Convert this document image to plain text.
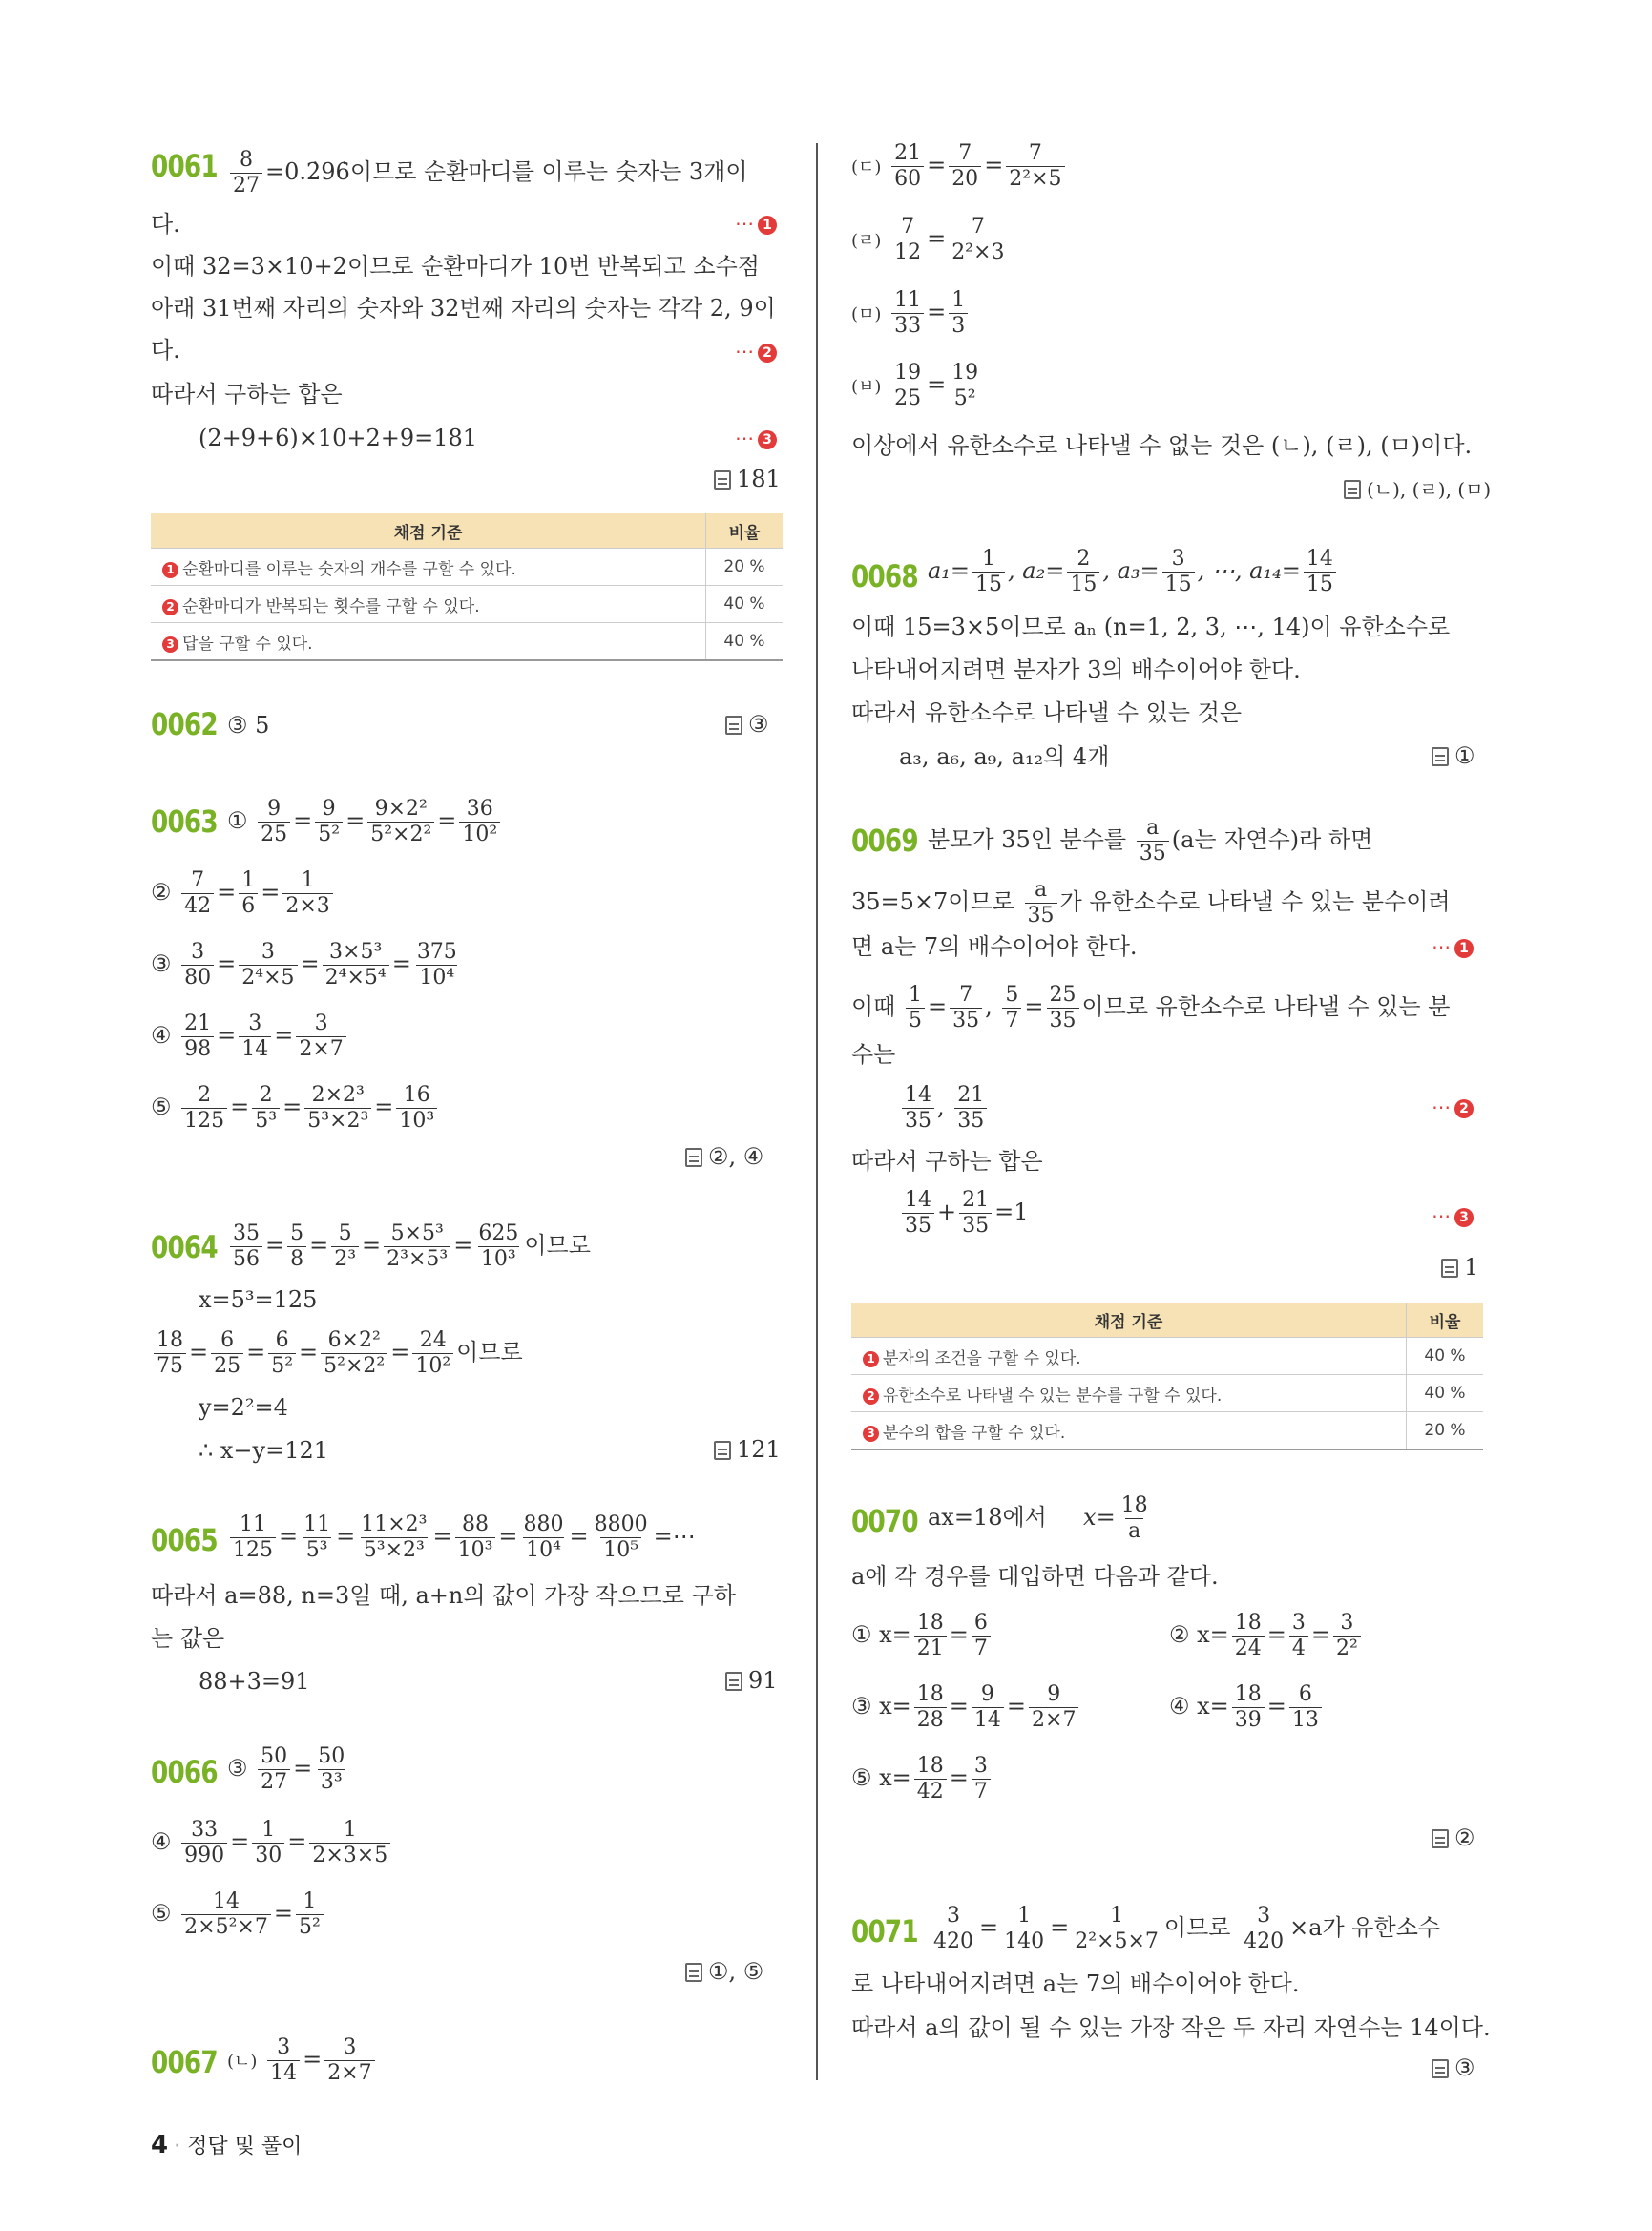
$0061 \frac{8}{27}$ =0.2̇96̇이므로 순환마디를 이루는 숫자는 3개이
다.	⋯ 1
이때 32=3×10+2이므로 순환마디가 10번 반복되고 소수점
아래 31번째 자리의 숫자와 32번째 자리의 숫자는 각각 2, 9이
다.	⋯ 2
따라서 구하는 합은
(2+9+6)×10+2+9=181	⋯ 3
181
채점 기준	비율
1 순환마디를 이루는 숫자의 개수를 구할 수 있다.	20 %
2 순환마디가 반복되는 횟수를 구할 수 있다.	40 %
3 답을 구할 수 있다.	40 %
0062 ③ 5	③
0063 ① $\frac{9}{25} = \frac{9}{\text{5²}} = \frac{\text{9×2²}}{\text{5²×2²}} = \frac{36}{\text{10²}}$
② $\frac{7}{42} = \frac{1}{6} = \frac{1}{2\times 3}$
③ $\frac{3}{80} = \frac{3}{\text{2⁴×5}} = \frac{\text{3×5³}}{\text{2⁴×5⁴}} = \frac{375}{\text{10⁴}}$
④ $\frac{21}{98} = \frac{3}{14} = \frac{3}{2\times 7}$
⑤ $\frac{2}{125} = \frac{2}{\text{5³}} = \frac{\text{2×2³}}{\text{5³×2³}} = \frac{16}{\text{10³}}$
②, ④
$0064 \frac{35}{56} = \frac{5}{8} = \frac{5}{\text{2³}} = \frac{\text{5×5³}}{\text{2³×5³}} = \frac{625}{\text{10³}}$ 이므로
x=5³=125
$\frac{18}{75} = \frac{6}{25} = \frac{6}{\text{5²}} = \frac{\text{6×2²}}{\text{5²×2²}} = \frac{24}{\text{10²}}$ 이므로
y=2²=4
∴ x−y=121	121
$0065 \frac{11}{125} = \frac{11}{\text{5³}} = \frac{\text{11×2³}}{\text{5³×2³}} = \frac{88}{\text{10³}} = \frac{880}{\text{10⁴}} = \frac{8800}{\text{10⁵}}$ =⋯
따라서 a=88, n=3일 때, a+n의 값이 가장 작으므로 구하
는 값은
88+3=91	91
0066 ③ $\frac{50}{27} = \frac{50}{\text{3³}}$
④ $\frac{33}{990} = \frac{1}{30} = \frac{1}{2\times 3\times 5}$
⑤ $\frac{14}{\text{2×5²×7}} = \frac{1}{\text{5²}}$
①, ⑤
0067 (ㄴ) $\frac{3}{14} = \frac{3}{2\times 7}$
4 · 정답 및 풀이
(ㄷ) $\frac{21}{60} = \frac{7}{20} = \frac{7}{\text{2²×5}}$
(ㄹ) $\frac{7}{12} = \frac{7}{\text{2²×3}}$
(ㅁ) $\frac{11}{33} = \frac{1}{3}$
(ㅂ) $\frac{19}{25} = \frac{19}{\text{5²}}$
이상에서 유한소수로 나타낼 수 없는 것은 (ㄴ), (ㄹ), (ㅁ)이다.
(ㄴ), (ㄹ), (ㅁ)
0068 $a_1= \frac{1}{15}$ , $a_2= \frac{2}{15}$ , $a_3= \frac{3}{15}$ , ⋯, $a_{14}= \frac{14}{15}$
이때 15=3×5이므로 aₙ (n=1, 2, 3, ⋯, 14)이 유한소수로
나타내어지려면 분자가 3의 배수이어야 한다.
따라서 유한소수로 나타낼 수 있는 것은
a₃, a₆, a₉, a₁₂의 4개	①
0069 분모가 35인 분수를 $\frac{a}{35} (a$는 자연수)라 하면
35=5×7이므로 $\frac{a}{35}$ 가 유한소수로 나타낼 수 있는 분수이려
면 a는 7의 배수이어야 한다.	⋯ 1
이때 $\frac{1}{5} = \frac{7}{35}$ , $\frac{5}{7} = \frac{25}{35}$ 이므로 유한소수로 나타낼 수 있는 분
수는
$\frac{14}{35}$ , $\frac{21}{35}$	⋯ 2
따라서 구하는 합은
$\frac{14}{35} + \frac{21}{35} =1$	⋯ 3
1
채점 기준	비율
1 분자의 조건을 구할 수 있다.	40 %
2 유한소수로 나타낼 수 있는 분수를 구할 수 있다.	40 %
3 분수의 합을 구할 수 있다.	20 %
0070 ax=18에서 $x= \frac{18}{a}$
a에 각 경우를 대입하면 다음과 같다.
① $x= \frac{18}{21} = \frac{6}{7}$	② $x= \frac{18}{24} = \frac{3}{4} = \frac{3}{\text{2²}}$
③ $x= \frac{18}{28} = \frac{9}{14} = \frac{9}{2\times 7}$	④ $x= \frac{18}{39} = \frac{6}{13}$
⑤ $x= \frac{18}{42} = \frac{3}{7}$
②
$0071 \frac{3}{420} = \frac{1}{140} = \frac{1}{\text{2²×5×7}}$ 이므로 $\frac{3}{420} \times a$가 유한소수
로 나타내어지려면 a는 7의 배수이어야 한다.
따라서 a의 값이 될 수 있는 가장 작은 두 자리 자연수는 14이다.
③
